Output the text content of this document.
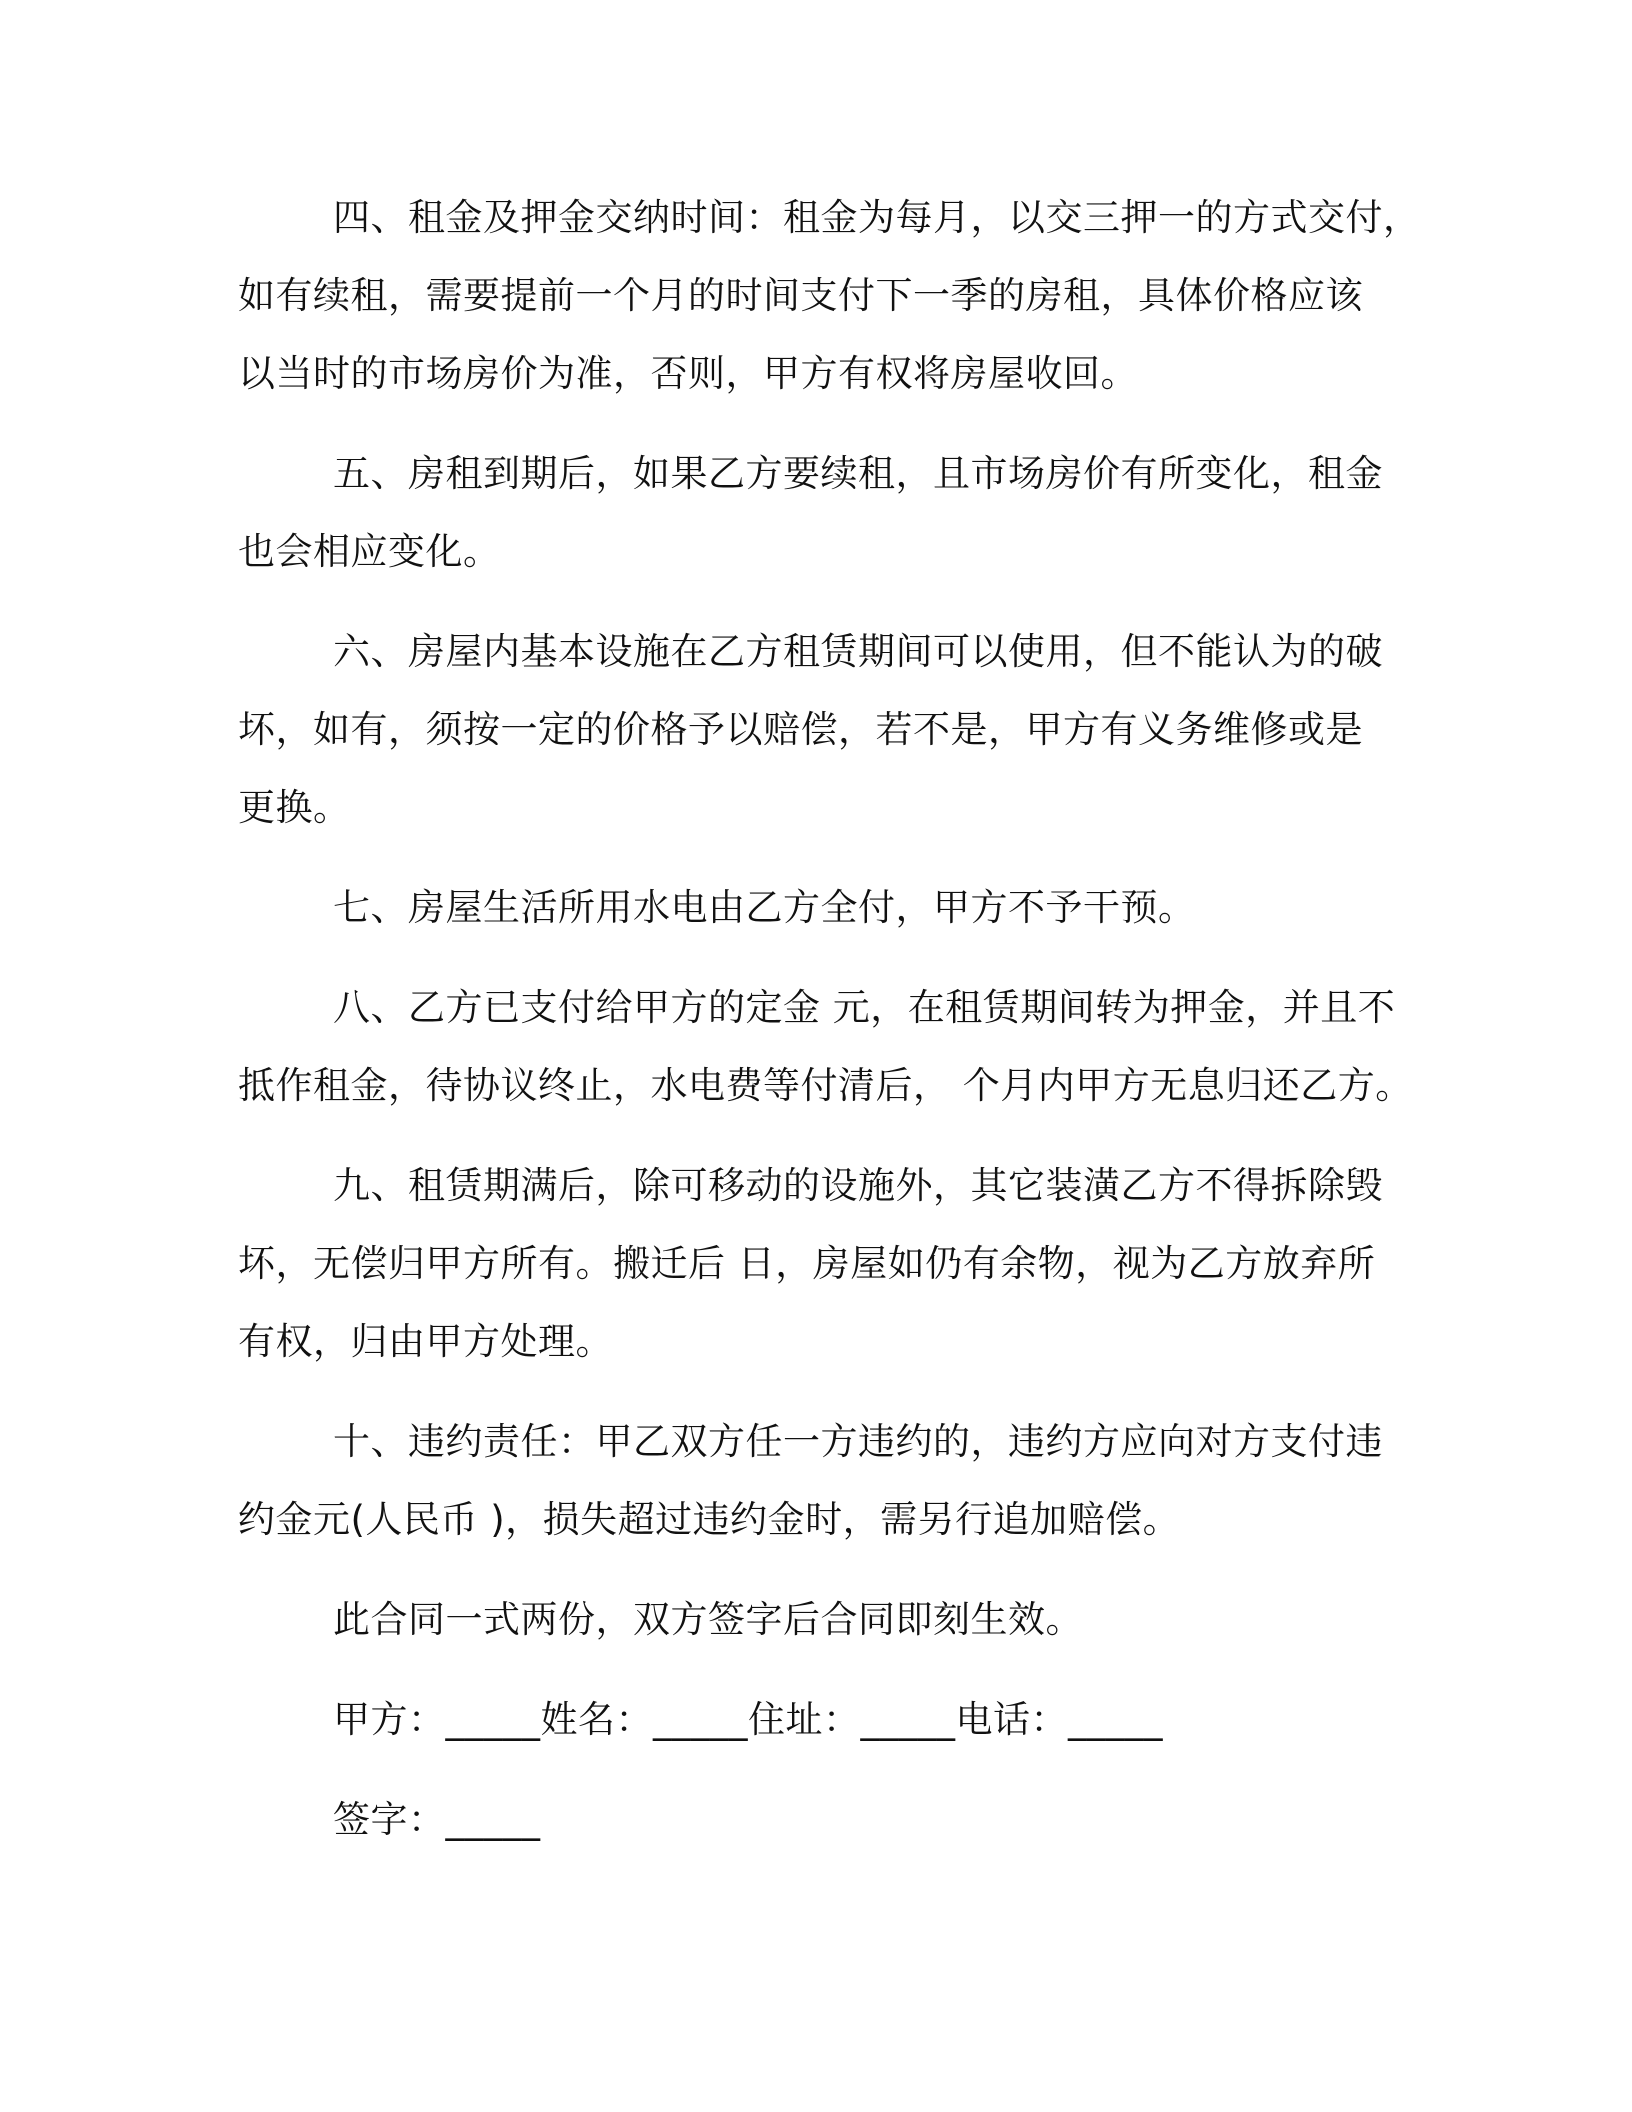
四、租金及押金交纳时间：租金为每月，以交三押一的方式交付，
如有续租，需要提前一个月的时间支付下一季的房租，具体价格应该
以当时的市场房价为准，否则，甲方有权将房屋收回。
五、房租到期后，如果乙方要续租，且市场房价有所变化，租金
也会相应变化。
六、房屋内基本设施在乙方租赁期间可以使用，但不能认为的破
坏，如有，须按一定的价格予以赔偿，若不是，甲方有义务维修或是
更换。
七、房屋生活所用水电由乙方全付，甲方不予干预。
八、乙方已支付给甲方的定金 元，在租赁期间转为押金，并且不
抵作租金，待协议终止，水电费等付清后， 个月内甲方无息归还乙方。
九、租赁期满后，除可移动的设施外，其它装潢乙方不得拆除毁
坏，无偿归甲方所有。搬迁后 日，房屋如仍有余物，视为乙方放弃所
有权，归由甲方处理。
十、违约责任：甲乙双方任一方违约的，违约方应向对方支付违
约金元(人民币 )，损失超过违约金时，需另行追加赔偿。
此合同一式两份，双方签字后合同即刻生效。
甲方：_____姓名：_____住址：_____电话：_____
签字：_____
